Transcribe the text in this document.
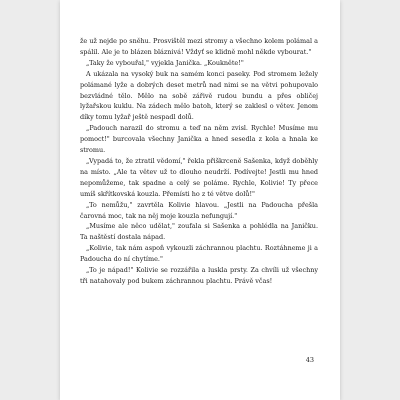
že už nejde po sněhu. Prosvištěl mezi stromy a všechno kolem polámal a spálil. Ale je to blázen bláznivá! Vždyť se klidně mohl někde vybourat."

„Taky že vybouřal," vyjekla Janička. „Koukněte!"

A ukázala na vysoký buk na samém konci paseky. Pod stromem ležely polámané lyže a dobrých deset metrů nad nimi se na větvi pohupovalo bezvládné tělo. Mělo na sobě zářivě rudou bundu a přes obličej lyžařskou kuklu. Na zádech mělo batoh, který se zaklesl o větev. Jenom díky tomu lyžař ještě nespadl dolů.

„Padouch narazil do stromu a teď na něm zvisl. Rychle! Musíme mu pomoct!" burcovala všechny Janička a hned sesedla z kola a hnala ke stromu.

„Vypadá to, že ztratil vědomí," řekla přiškrceně Sašenka, když doběhly na místo. „Ale ta větev už to dlouho neudrží. Podívejte! Jestli mu hned nepomůžeme, tak spadne a celý se poláme. Rychle, Kolivie! Ty přece umíš skřítkovská kouzla. Přemísti ho z té větve dolů!"

„To nemůžu," zavrtěla Kolivie hlavou. „Jestli na Padoucha přešla čarovná moc, tak na něj moje kouzla nefungují."

„Musíme ale něco udělat," zoufala si Sašenka a pohlédla na Janičku. Ta naštěstí dostala nápad.

„Kolivie, tak nám aspoň vykouzli záchrannou plachtu. Roztáhneme ji a Padoucha do ní chytíme."

„To je nápad!" Kolivie se rozzářila a luskla prsty. Za chvíli už všechny tři natahovaly pod bukem záchrannou plachtu. Právě včas!

43
